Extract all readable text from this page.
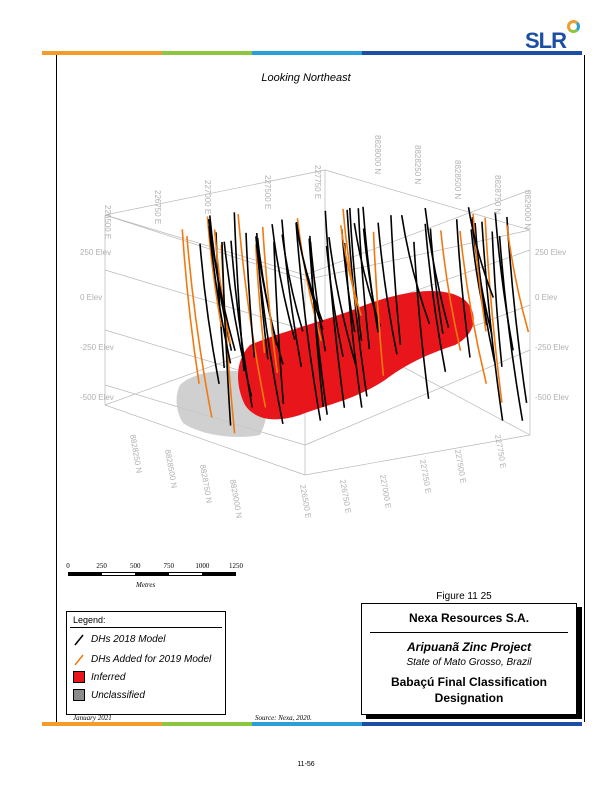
SLR
Looking Northeast
226500 E	226750 E	227000 E	227500 E	227750 E
8828000 N	8828250 N	8828500 N	8828750 N	8829000 N
250 Elev
0 Elev
-250 Elev
-500 Elev
250 Elev
0 Elev
-250 Elev
-500 Elev
8828250 N 8828500 N 8828750 N 8829000 N	226500 E	226750 E	227000 E	227250 E	227500 E	227750 E
0	250	500	750	1000	1250
Metres
Legend:
DHs 2018 Model
DHs Added for 2019 Model
Inferred
Unclassified
Figure 11 25
Nexa Resources S.A.
Aripuanã Zinc Project
State of Mato Grosso, Brazil
Babaçú Final Classification
Designation
January 2021	Source: Nexa, 2020.
11-56
